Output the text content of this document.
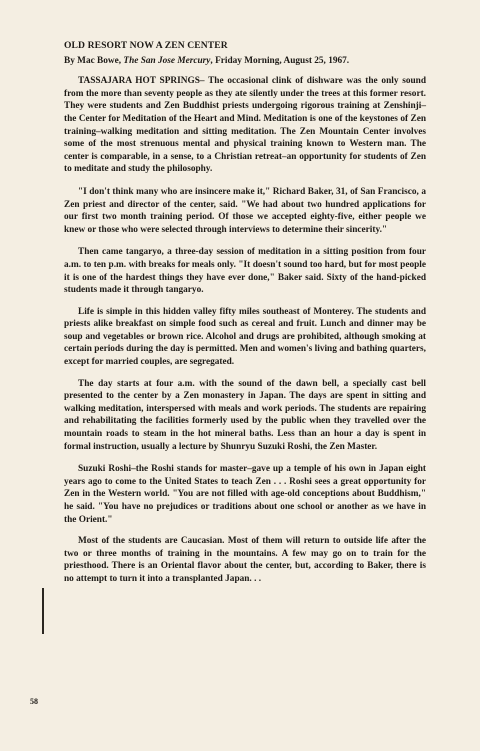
OLD RESORT NOW A ZEN CENTER
By Mac Bowe, The San Jose Mercury, Friday Morning, August 25, 1967.

TASSAJARA HOT SPRINGS– The occasional clink of dishware was the only sound from the more than seventy people as they ate silently under the trees at this former resort. They were students and Zen Buddhist priests undergoing rigorous training at Zenshinji–the Center for Meditation of the Heart and Mind. Meditation is one of the keystones of Zen training–walking meditation and sitting meditation. The Zen Mountain Center involves some of the most strenuous mental and physical training known to Western man. The center is comparable, in a sense, to a Christian retreat–an opportunity for students of Zen to meditate and study the philosophy.

"I don't think many who are insincere make it," Richard Baker, 31, of San Francisco, a Zen priest and director of the center, said. "We had about two hundred applications for our first two month training period. Of those we accepted eighty-five, either people we knew or those who were selected through interviews to determine their sincerity."

Then came tangaryo, a three-day session of meditation in a sitting position from four a.m. to ten p.m. with breaks for meals only. "It doesn't sound too hard, but for most people it is one of the hardest things they have ever done," Baker said. Sixty of the hand-picked students made it through tangaryo.

Life is simple in this hidden valley fifty miles southeast of Monterey. The students and priests alike breakfast on simple food such as cereal and fruit. Lunch and dinner may be soup and vegetables or brown rice. Alcohol and drugs are prohibited, although smoking at certain periods during the day is permitted. Men and women's living and bathing quarters, except for married couples, are segregated.

The day starts at four a.m. with the sound of the dawn bell, a specially cast bell presented to the center by a Zen monastery in Japan. The days are spent in sitting and walking meditation, interspersed with meals and work periods. The students are repairing and rehabilitating the facilities formerly used by the public when they travelled over the mountain roads to steam in the hot mineral baths. Less than an hour a day is spent in formal instruction, usually a lecture by Shunryu Suzuki Roshi, the Zen Master.

Suzuki Roshi–the Roshi stands for master–gave up a temple of his own in Japan eight years ago to come to the United States to teach Zen . . . Roshi sees a great opportunity for Zen in the Western world. "You are not filled with age-old conceptions about Buddhism," he said. "You have no prejudices or traditions about one school or another as we have in the Orient."

Most of the students are Caucasian. Most of them will return to outside life after the two or three months of training in the mountains. A few may go on to train for the priesthood. There is an Oriental flavor about the center, but, according to Baker, there is no attempt to turn it into a transplanted Japan. . .

58
